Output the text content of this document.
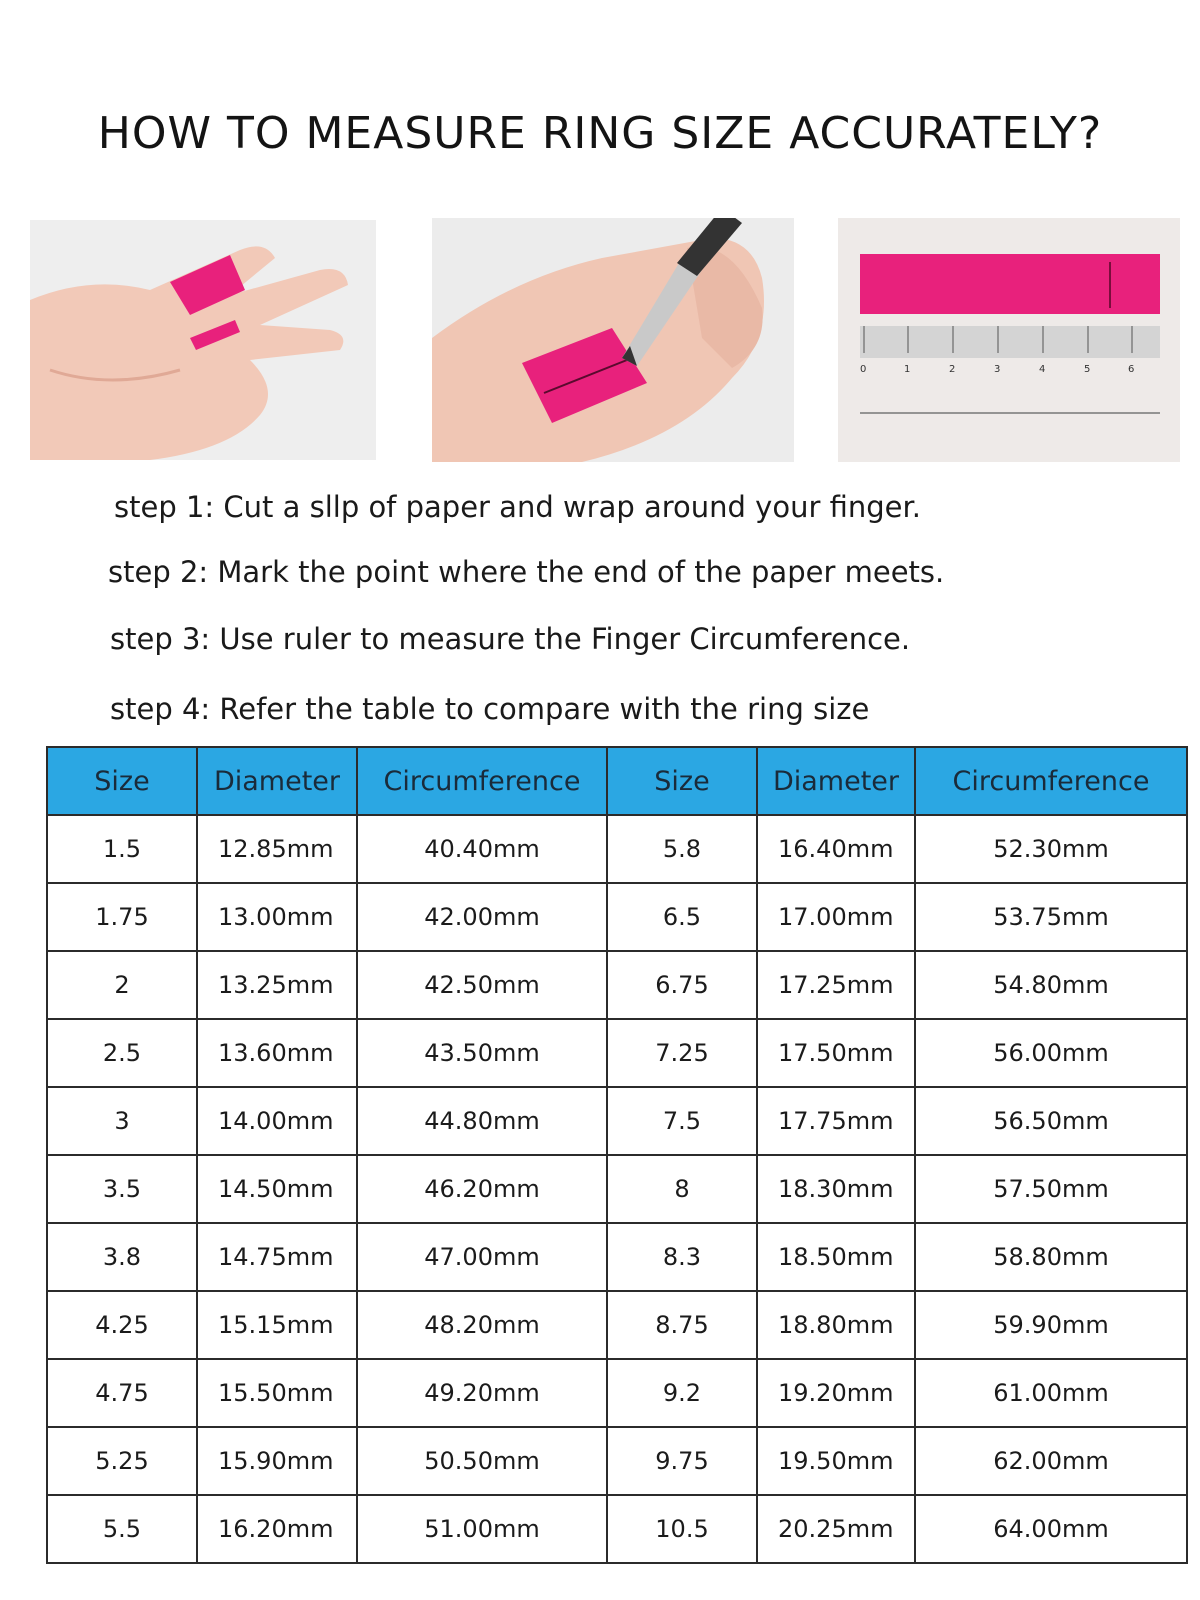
HOW TO MEASURE RING SIZE ACCURATELY?
0	1	2	3	4	5	6
step 1: Cut a sllp of paper and wrap around your finger.
step 2: Mark the point where the end of the paper meets.
step 3: Use ruler to measure the Finger Circumference.
step 4: Refer the table to compare with the ring size
Size	Diameter	Circumference	Size	Diameter	Circumference
1.5	12.85mm	40.40mm	5.8	16.40mm	52.30mm
1.75	13.00mm	42.00mm	6.5	17.00mm	53.75mm
2	13.25mm	42.50mm	6.75	17.25mm	54.80mm
2.5	13.60mm	43.50mm	7.25	17.50mm	56.00mm
3	14.00mm	44.80mm	7.5	17.75mm	56.50mm
3.5	14.50mm	46.20mm	8	18.30mm	57.50mm
3.8	14.75mm	47.00mm	8.3	18.50mm	58.80mm
4.25	15.15mm	48.20mm	8.75	18.80mm	59.90mm
4.75	15.50mm	49.20mm	9.2	19.20mm	61.00mm
5.25	15.90mm	50.50mm	9.75	19.50mm	62.00mm
5.5	16.20mm	51.00mm	10.5	20.25mm	64.00mm
